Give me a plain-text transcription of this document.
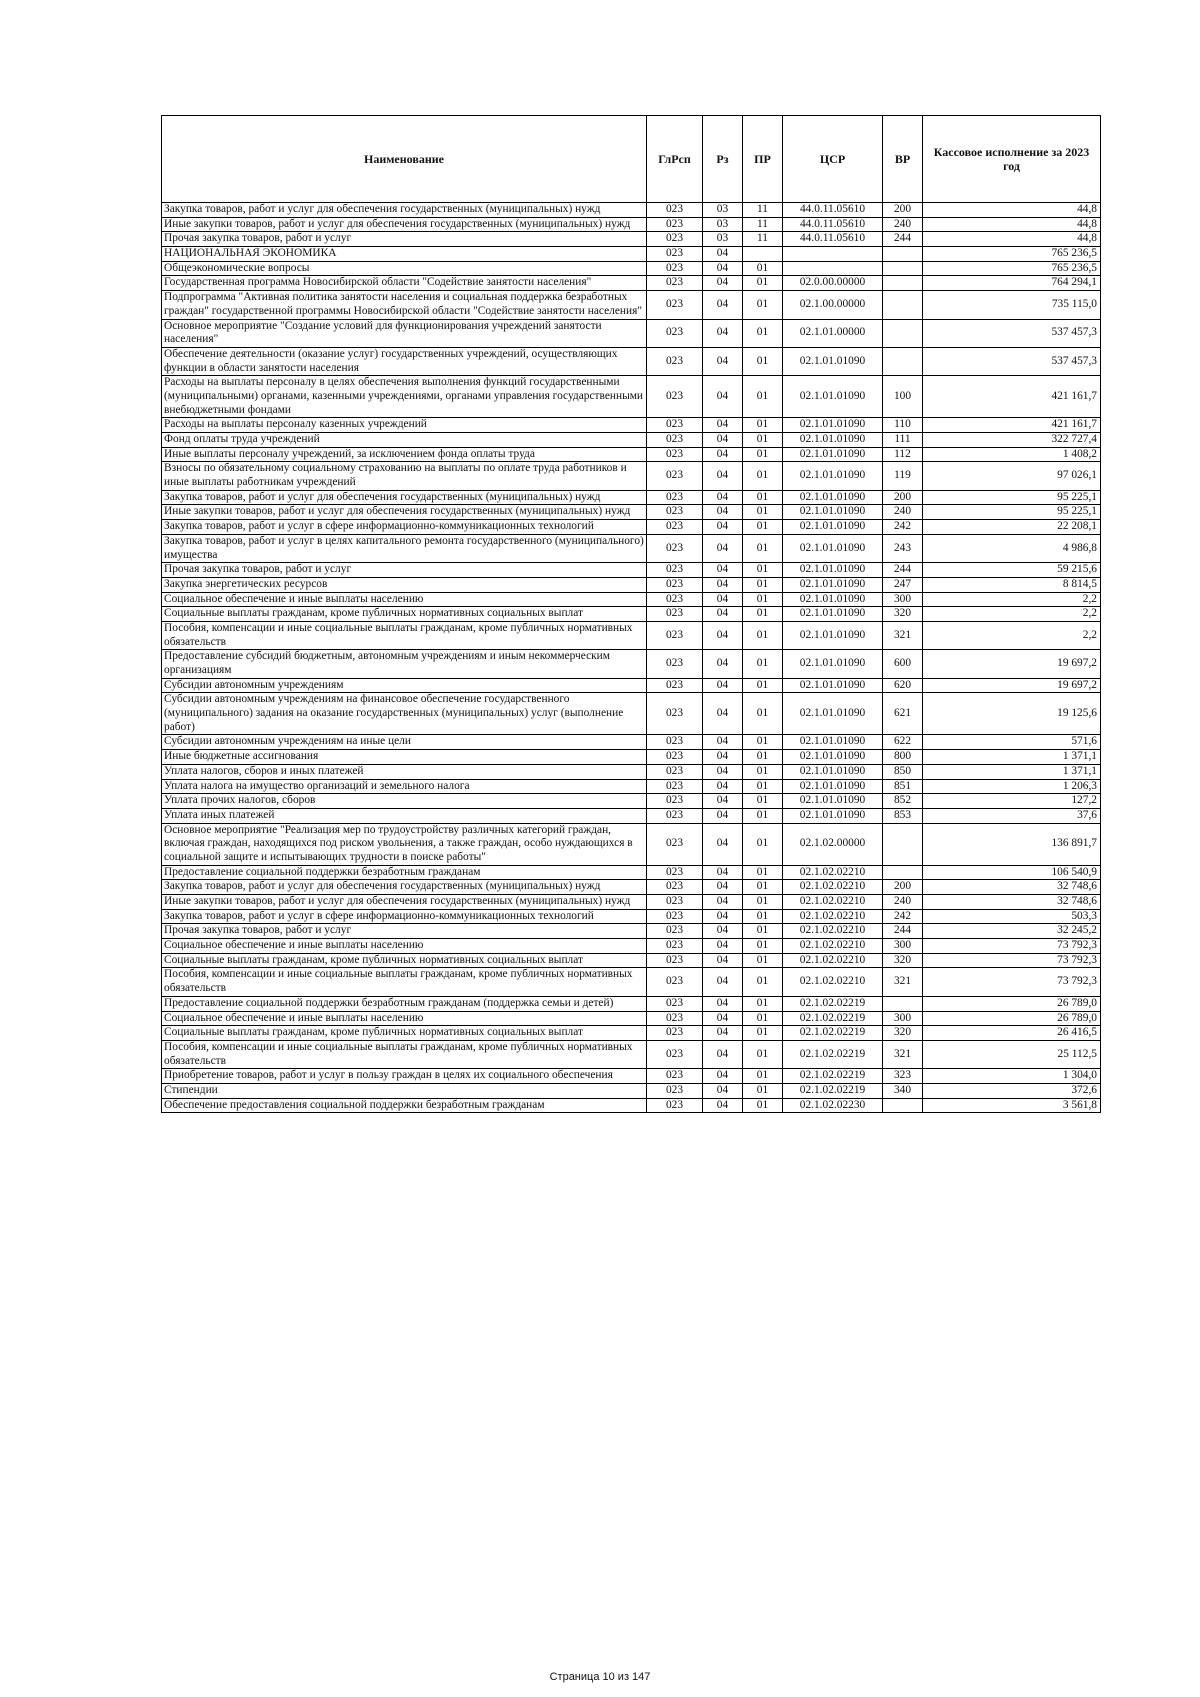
Наименование	ГлРсп	Рз	ПР	ЦСР	ВР	Кассовое исполнение за 2023 год
Закупка товаров, работ и услуг для обеспечения государственных (муниципальных) нужд	023	03	11	44.0.11.05610	200	44,8
Иные закупки товаров, работ и услуг для обеспечения государственных (муниципальных) нужд	023	03	11	44.0.11.05610	240	44,8
Прочая закупка товаров, работ и услуг	023	03	11	44.0.11.05610	244	44,8
НАЦИОНАЛЬНАЯ ЭКОНОМИКА	023	04				765 236,5
Общеэкономические вопросы	023	04	01			765 236,5
Государственная программа Новосибирской области "Содействие занятости населения"	023	04	01	02.0.00.00000		764 294,1
Подпрограмма "Активная политика занятости населения и социальная поддержка безработных граждан" государственной программы Новосибирской области "Содействие занятости населения"	023	04	01	02.1.00.00000		735 115,0
Основное мероприятие "Создание условий для функционирования учреждений занятости населения"	023	04	01	02.1.01.00000		537 457,3
Обеспечение деятельности (оказание услуг) государственных учреждений, осуществляющих функции в области занятости населения	023	04	01	02.1.01.01090		537 457,3
Расходы на выплаты персоналу в целях обеспечения выполнения функций государственными (муниципальными) органами, казенными учреждениями, органами управления государственными внебюджетными фондами	023	04	01	02.1.01.01090	100	421 161,7
Расходы на выплаты персоналу казенных учреждений	023	04	01	02.1.01.01090	110	421 161,7
Фонд оплаты труда учреждений	023	04	01	02.1.01.01090	111	322 727,4
Иные выплаты персоналу учреждений, за исключением фонда оплаты труда	023	04	01	02.1.01.01090	112	1 408,2
Взносы по обязательному социальному страхованию на выплаты по оплате труда работников и иные выплаты работникам учреждений	023	04	01	02.1.01.01090	119	97 026,1
Закупка товаров, работ и услуг для обеспечения государственных (муниципальных) нужд	023	04	01	02.1.01.01090	200	95 225,1
Иные закупки товаров, работ и услуг для обеспечения государственных (муниципальных) нужд	023	04	01	02.1.01.01090	240	95 225,1
Закупка товаров, работ и услуг в сфере информационно-коммуникационных технологий	023	04	01	02.1.01.01090	242	22 208,1
Закупка товаров, работ и услуг в целях капитального ремонта государственного (муниципального) имущества	023	04	01	02.1.01.01090	243	4 986,8
Прочая закупка товаров, работ и услуг	023	04	01	02.1.01.01090	244	59 215,6
Закупка энергетических ресурсов	023	04	01	02.1.01.01090	247	8 814,5
Социальное обеспечение и иные выплаты населению	023	04	01	02.1.01.01090	300	2,2
Социальные выплаты гражданам, кроме публичных нормативных социальных выплат	023	04	01	02.1.01.01090	320	2,2
Пособия, компенсации и иные социальные выплаты гражданам, кроме публичных нормативных обязательств	023	04	01	02.1.01.01090	321	2,2
Предоставление субсидий бюджетным, автономным учреждениям и иным некоммерческим организациям	023	04	01	02.1.01.01090	600	19 697,2
Субсидии автономным учреждениям	023	04	01	02.1.01.01090	620	19 697,2
Субсидии автономным учреждениям на финансовое обеспечение государственного (муниципального) задания на оказание государственных (муниципальных) услуг (выполнение работ)	023	04	01	02.1.01.01090	621	19 125,6
Субсидии автономным учреждениям на иные цели	023	04	01	02.1.01.01090	622	571,6
Иные бюджетные ассигнования	023	04	01	02.1.01.01090	800	1 371,1
Уплата налогов, сборов и иных платежей	023	04	01	02.1.01.01090	850	1 371,1
Уплата налога на имущество организаций и земельного налога	023	04	01	02.1.01.01090	851	1 206,3
Уплата прочих налогов, сборов	023	04	01	02.1.01.01090	852	127,2
Уплата иных платежей	023	04	01	02.1.01.01090	853	37,6
Основное мероприятие "Реализация мер по трудоустройству различных категорий граждан, включая граждан, находящихся под риском увольнения, а также граждан, особо нуждающихся в социальной защите и испытывающих трудности в поиске работы"	023	04	01	02.1.02.00000		136 891,7
Предоставление социальной поддержки безработным гражданам	023	04	01	02.1.02.02210		106 540,9
Закупка товаров, работ и услуг для обеспечения государственных (муниципальных) нужд	023	04	01	02.1.02.02210	200	32 748,6
Иные закупки товаров, работ и услуг для обеспечения государственных (муниципальных) нужд	023	04	01	02.1.02.02210	240	32 748,6
Закупка товаров, работ и услуг в сфере информационно-коммуникационных технологий	023	04	01	02.1.02.02210	242	503,3
Прочая закупка товаров, работ и услуг	023	04	01	02.1.02.02210	244	32 245,2
Социальное обеспечение и иные выплаты населению	023	04	01	02.1.02.02210	300	73 792,3
Социальные выплаты гражданам, кроме публичных нормативных социальных выплат	023	04	01	02.1.02.02210	320	73 792,3
Пособия, компенсации и иные социальные выплаты гражданам, кроме публичных нормативных обязательств	023	04	01	02.1.02.02210	321	73 792,3
Предоставление социальной поддержки безработным гражданам (поддержка семьи и детей)	023	04	01	02.1.02.02219		26 789,0
Социальное обеспечение и иные выплаты населению	023	04	01	02.1.02.02219	300	26 789,0
Социальные выплаты гражданам, кроме публичных нормативных социальных выплат	023	04	01	02.1.02.02219	320	26 416,5
Пособия, компенсации и иные социальные выплаты гражданам, кроме публичных нормативных обязательств	023	04	01	02.1.02.02219	321	25 112,5
Приобретение товаров, работ и услуг в пользу граждан в целях их социального обеспечения	023	04	01	02.1.02.02219	323	1 304,0
Стипендии	023	04	01	02.1.02.02219	340	372,6
Обеспечение предоставления социальной поддержки безработным гражданам	023	04	01	02.1.02.02230		3 561,8
Страница 10 из 147
